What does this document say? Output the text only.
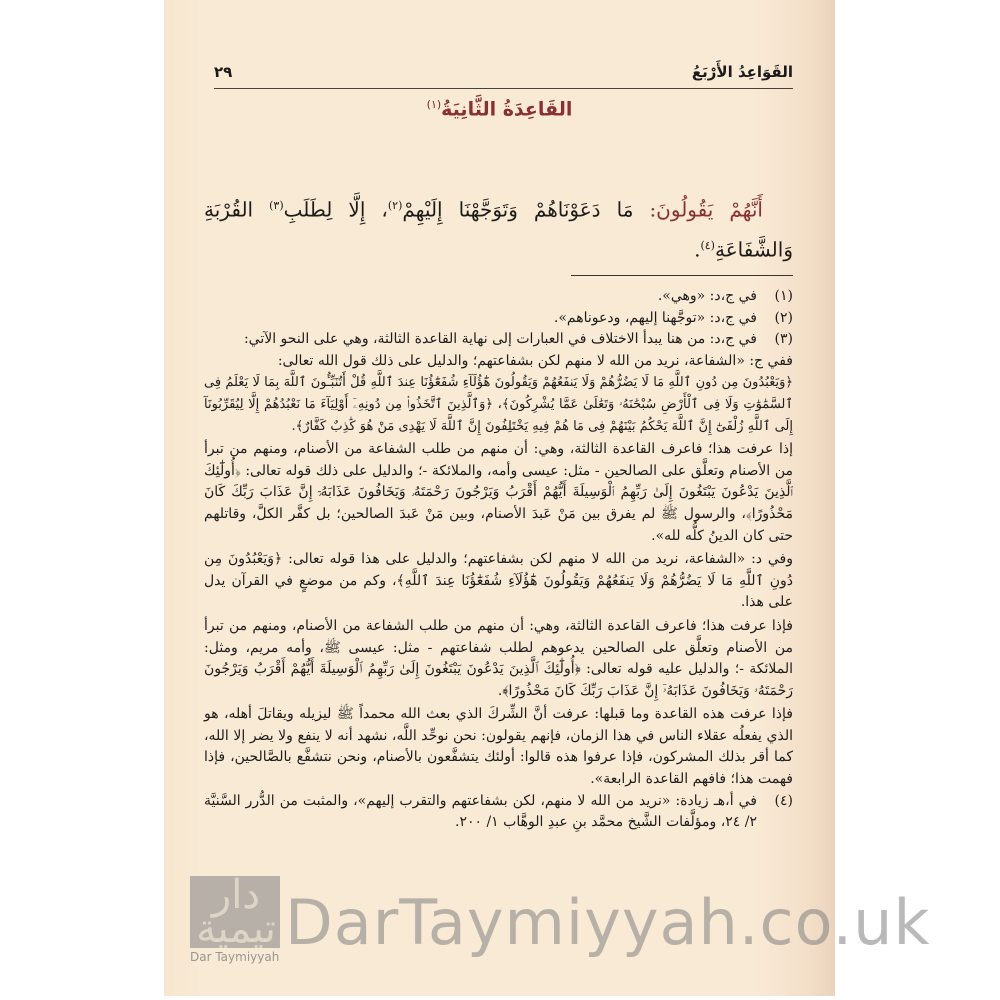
القَوَاعِدُ الأَرْبَعُ
٢٩
القَاعِدَةُ الثَّانِيَةُ$^{(١)}$

أَنَّهُمْ يَقُولُونَ: مَا دَعَوْنَاهُمْ وَتَوَجَّهْنَا إِلَيْهِمْ$^{(٢)}$، إِلَّا لِطَلَبِ$^{(٣)}$ القُرْبَةِ وَالشَّفَاعَةِ$^{(٤)}$.

(١)

في ج،د: «وهي».

(٢)

في ج،د: «توجَّهنا إليهم، ودعوناهم».

(٣)

في ج،د: من هنا يبدأ الاختلاف في العبارات إلى نهاية القاعدة الثالثة، وهي على النحو الآتي:

ففي ج: «الشفاعة، نريد من الله لا منهم لكن بشفاعتهم؛ والدليل على ذلك قول الله تعالى:

﴿وَيَعْبُدُونَ مِن دُونِ ٱللَّهِ مَا لَا يَضُرُّهُمْ وَلَا يَنفَعُهُمْ وَيَقُولُونَ هَٰٓؤُلَآءِ شُفَعَٰٓؤُنَا عِندَ ٱللَّهِ قُلْ أَتُنَبِّـُٔونَ ٱللَّهَ بِمَا لَا يَعْلَمُ فِى ٱلسَّمَٰوَٰتِ وَلَا فِى ٱلْأَرْضِ سُبْحَٰنَهُۥ وَتَعَٰلَىٰ عَمَّا يُشْرِكُونَ﴾، ﴿وَٱلَّذِينَ ٱتَّخَذُوا۟ مِن دُونِهِۦٓ أَوْلِيَآءَ مَا نَعْبُدُهُمْ إِلَّا لِيُقَرِّبُونَآ إِلَى ٱللَّهِ زُلْفَىٰٓ إِنَّ ٱللَّهَ يَحْكُمُ بَيْنَهُمْ فِى مَا هُمْ فِيهِ يَخْتَلِفُونَ إِنَّ ٱللَّهَ لَا يَهْدِى مَنْ هُوَ كَٰذِبٌ كَفَّارٌ﴾.

إذا عرفت هذا؛ فاعرف القاعدة الثالثة، وهي: أن منهم من طلب الشفاعة من الأصنام، ومنهم من تبرأ من الأصنام وتعلَّق على الصالحين - مثل: عيسى وأمه، والملائكة -؛ والدليل على ذلك قوله تعالى: ﴿أُولَٰٓئِكَ ٱلَّذِينَ يَدْعُونَ يَبْتَغُونَ إِلَىٰ رَبِّهِمُ ٱلْوَسِيلَةَ أَيُّهُمْ أَقْرَبُ وَيَرْجُونَ رَحْمَتَهُۥ وَيَخَافُونَ عَذَابَهُۥٓ إِنَّ عَذَابَ رَبِّكَ كَانَ مَحْذُورًا﴾، والرسول ﷺ لم يفرق بين مَنْ عَبدَ الأصنام، وبين مَنْ عَبدَ الصالحين؛ بل كفَّر الكلَّ، وقاتلهم حتى كان الدينُ كلُّه لله».

وفي د: «الشفاعة، نريد من الله لا منهم لكن بشفاعتهم؛ والدليل على هذا قوله تعالى: ﴿وَيَعْبُدُونَ مِن دُونِ ٱللَّهِ مَا لَا يَضُرُّهُمْ وَلَا يَنفَعُهُمْ وَيَقُولُونَ هَٰٓؤُلَآءِ شُفَعَٰٓؤُنَا عِندَ ٱللَّهِ﴾، وكم من موضعٍ في القرآن يدل على هذا.

فإذا عرفت هذا؛ فاعرف القاعدة الثالثة، وهي: أن منهم من طلب الشفاعة من الأصنام، ومنهم من تبرأ من الأصنام وتعلَّق على الصالحين يدعوهم لطلب شفاعتهم - مثل: عيسى ﷺ، وأمه مريم، ومثل: الملائكة -؛ والدليل عليه قوله تعالى: ﴿أُولَٰٓئِكَ ٱلَّذِينَ يَدْعُونَ يَبْتَغُونَ إِلَىٰ رَبِّهِمُ ٱلْوَسِيلَةَ أَيُّهُمْ أَقْرَبُ وَيَرْجُونَ رَحْمَتَهُۥ وَيَخَافُونَ عَذَابَهُۥٓ إِنَّ عَذَابَ رَبِّكَ كَانَ مَحْذُورًا﴾.

فإذا عرفت هذه القاعدة وما قبلها: عرفت أنَّ الشِّركَ الذي بعث الله محمداً ﷺ ليزيله ويقاتلَ أهله، هو الذي يفعلُه عقلاء الناس في هذا الزمان، فإنهم يقولون: نحن نوحِّد اللَّه، نشهد أنه لا ينفع ولا يضر إلا الله، كما أقر بذلك المشركون، فإذا عرفوا هذه قالوا: أولئك يتشفَّعون بالأصنام، ونحن نتشفَّع بالصَّالحين، فإذا فهمت هذا؛ فافهم القاعدة الرابعة».

(٤)

في أ،هـ زيادة: «نريد من الله لا منهم، لكن بشفاعتهم والتقرب إليهم»، والمثبت من الدُّرر السَّنيَّة ٢/ ٢٤، ومؤلَّفات الشَّيخ محمَّد بنِ عبدِ الوهَّاب ١/ ٢٠٠.

دار تيمية
Dar Taymiyyah DarTaymiyyah.co.uk
